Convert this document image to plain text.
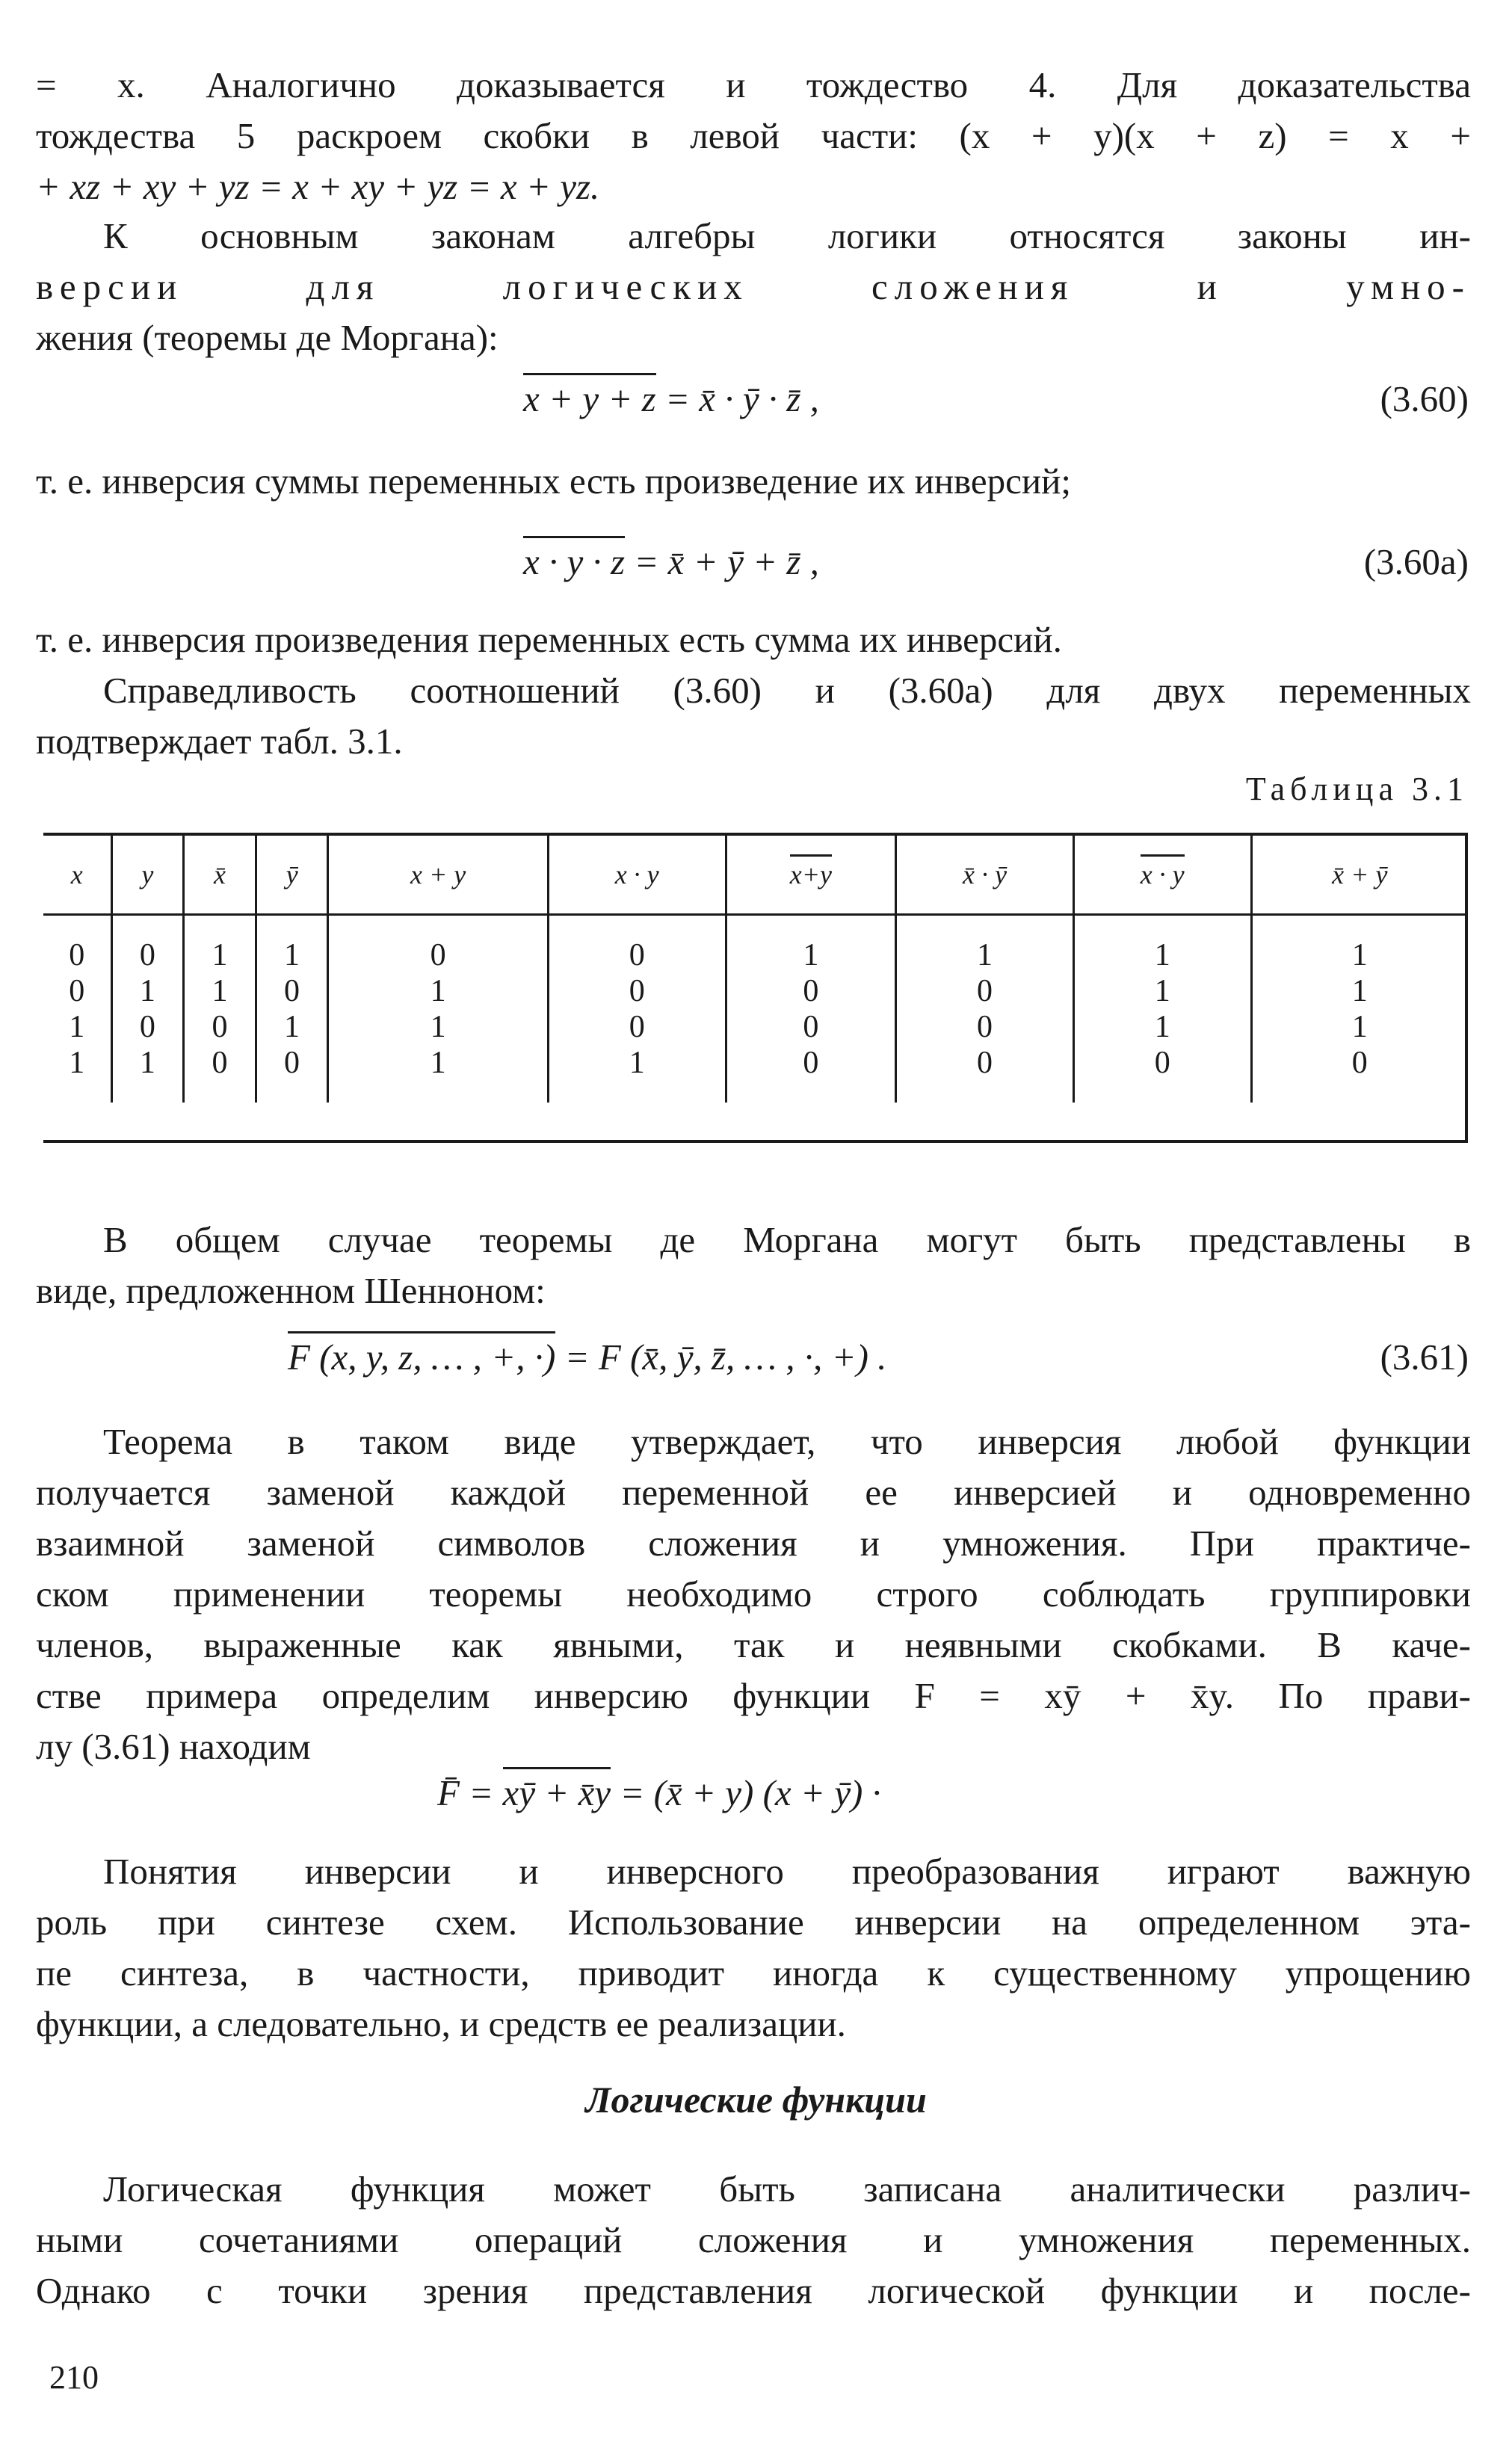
= x. Аналогично доказывается и тождество 4. Для доказательства
тождества 5 раскроем скобки в левой части: (x + y)(x + z) = x +
+ xz + xy + yz = x + xy + yz = x + yz.
К основным законам алгебры логики относятся законы ин-
версии для логических сложения и умно-
жения (теоремы де Моргана):
x + y + z = x̄ · ȳ · z̄ ,	(3.60)
т. е. инверсия суммы переменных есть произведение их инверсий;
x · y · z = x̄ + ȳ + z̄ ,	(3.60а)
т. е. инверсия произведения переменных есть сумма их инверсий.
Справедливость соотношений (3.60) и (3.60а) для двух переменных
подтверждает табл. 3.1.
Таблица 3.1
x	y	x̄	ȳ	x + y	x · y	x+y	x̄ · ȳ	x · y	x̄ + ȳ
0	0	1	1	0	0	1	1	1	1
0	1	1	0	1	0	0	0	1	1
1	0	0	1	1	0	0	0	1	1
1	1	0	0	1	1	0	0	0	0
В общем случае теоремы де Моргана могут быть представлены в
виде, предложенном Шенноном:
F (x, y, z, … , +, ·) = F (x̄, ȳ, z̄, … , ·, +) .	(3.61)
Теорема в таком виде утверждает, что инверсия любой функции
получается заменой каждой переменной ее инверсией и одновременно
взаимной заменой символов сложения и умножения. При практиче-
ском применении теоремы необходимо строго соблюдать группировки
членов, выраженные как явными, так и неявными скобками. В каче-
стве примера определим инверсию функции F = xȳ + x̄y. По прави-
лу (3.61) находим
F̄ = xȳ + x̄y = (x̄ + y) (x + ȳ) ·
Понятия инверсии и инверсного преобразования играют важную
роль при синтезе схем. Использование инверсии на определенном эта-
пе синтеза, в частности, приводит иногда к существенному упрощению
функции, а следовательно, и средств ее реализации.
Логические функции
Логическая функция может быть записана аналитически различ-
ными сочетаниями операций сложения и умножения переменных.
Однако с точки зрения представления логической функции и после-
210
